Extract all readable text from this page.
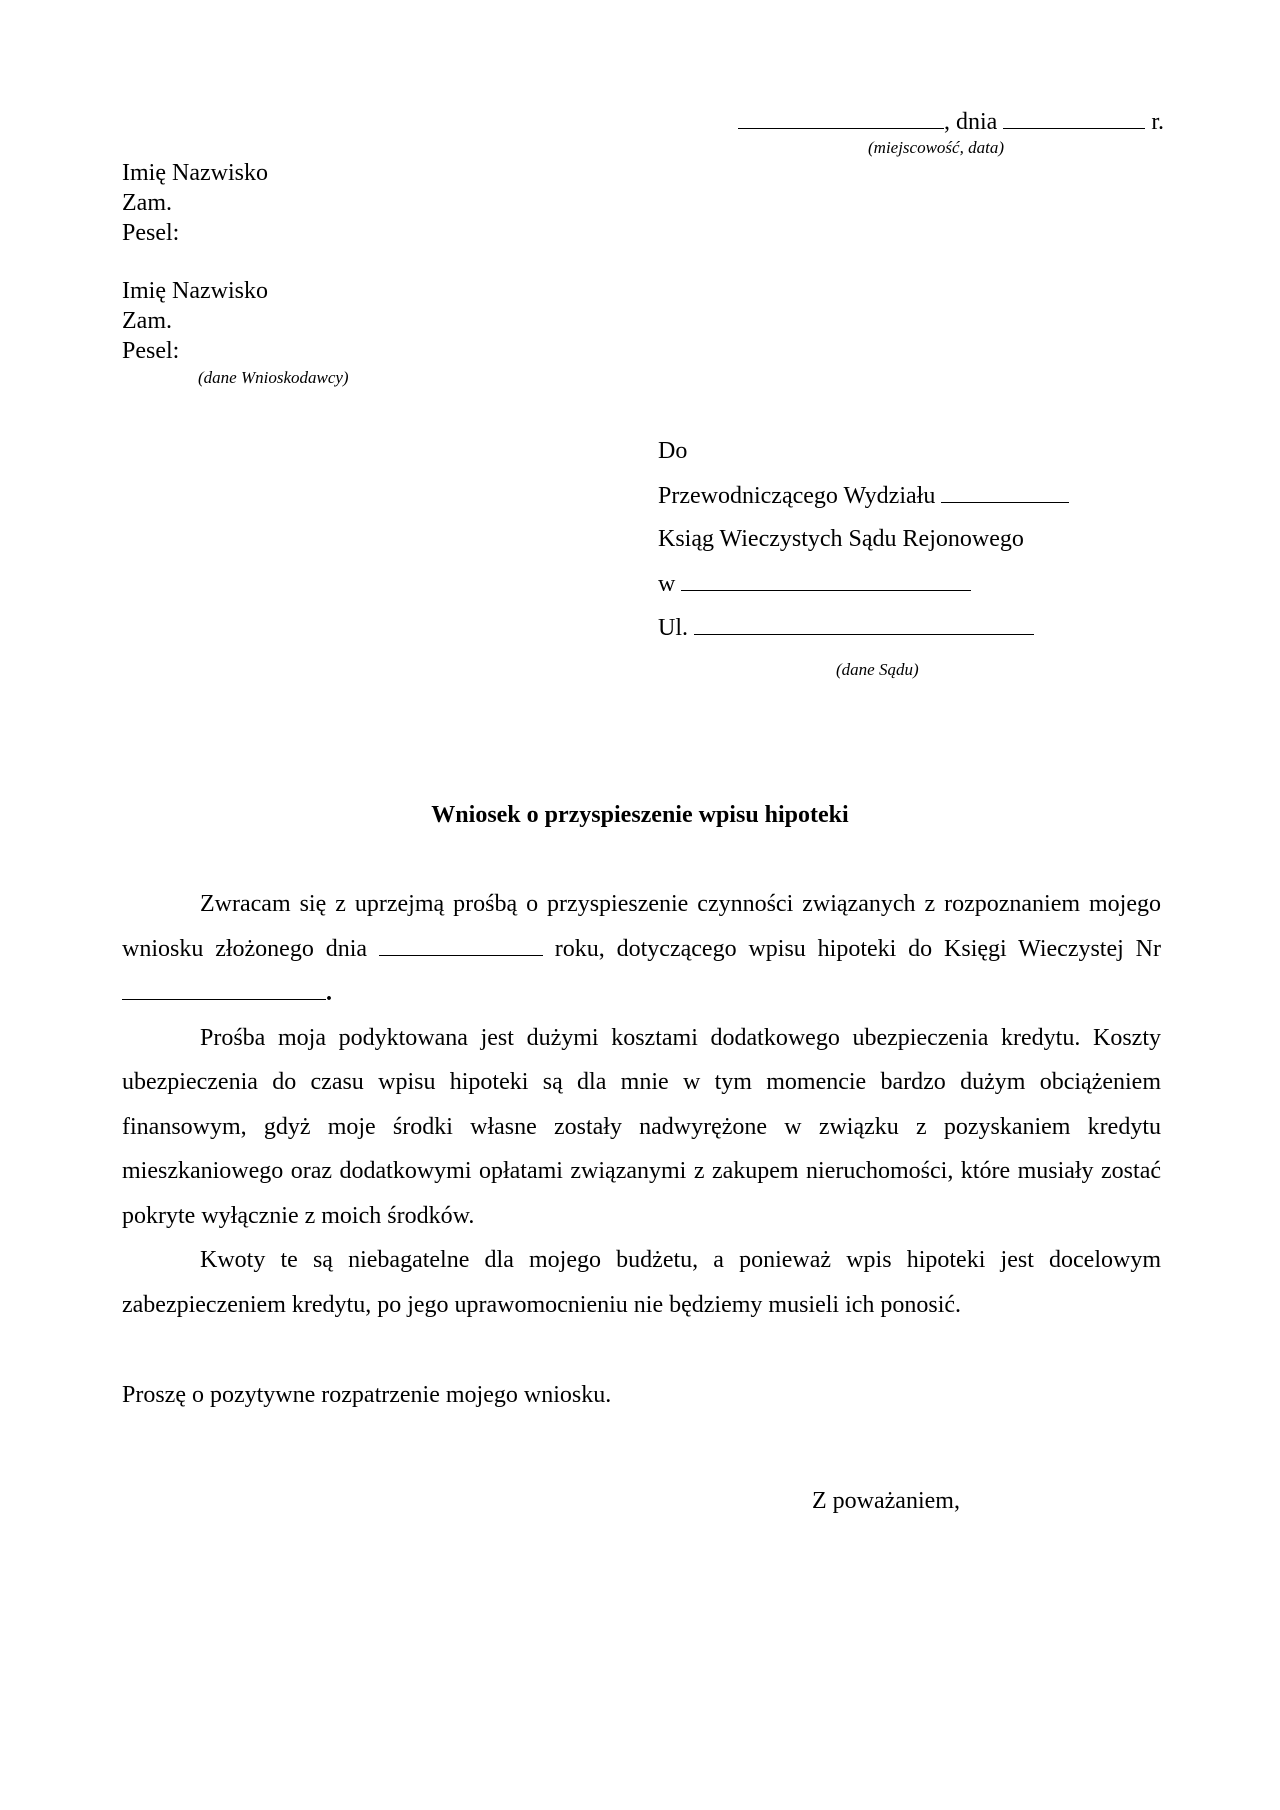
, dnia	r.
(miejscowość, data)
Imię Nazwisko
Zam.
Pesel:
Imię Nazwisko
Zam.
Pesel:
(dane Wnioskodawcy)
Do
Przewodniczącego Wydziału
Ksiąg Wieczystych Sądu Rejonowego
w
Ul.
(dane Sądu)
Wniosek o przyspieszenie wpisu hipoteki

Zwracam się z uprzejmą prośbą o przyspieszenie czynności związanych z rozpoznaniem mojego wniosku złożonego dnia	roku, dotyczącego wpisu hipoteki do Księgi Wieczystej Nr .

Prośba moja podyktowana jest dużymi kosztami dodatkowego ubezpieczenia kredytu. Koszty ubezpieczenia do czasu wpisu hipoteki są dla mnie w tym momencie bardzo dużym obciążeniem finansowym, gdyż moje środki własne zostały nadwyrężone w związku z pozyskaniem kredytu mieszkaniowego oraz dodatkowymi opłatami związanymi z zakupem nieruchomości, które musiały zostać pokryte wyłącznie z moich środków.

Kwoty te są niebagatelne dla mojego budżetu, a ponieważ wpis hipoteki jest docelowym zabezpieczeniem kredytu, po jego uprawomocnieniu nie będziemy musieli ich ponosić.

Proszę o pozytywne rozpatrzenie mojego wniosku.
Z poważaniem,
